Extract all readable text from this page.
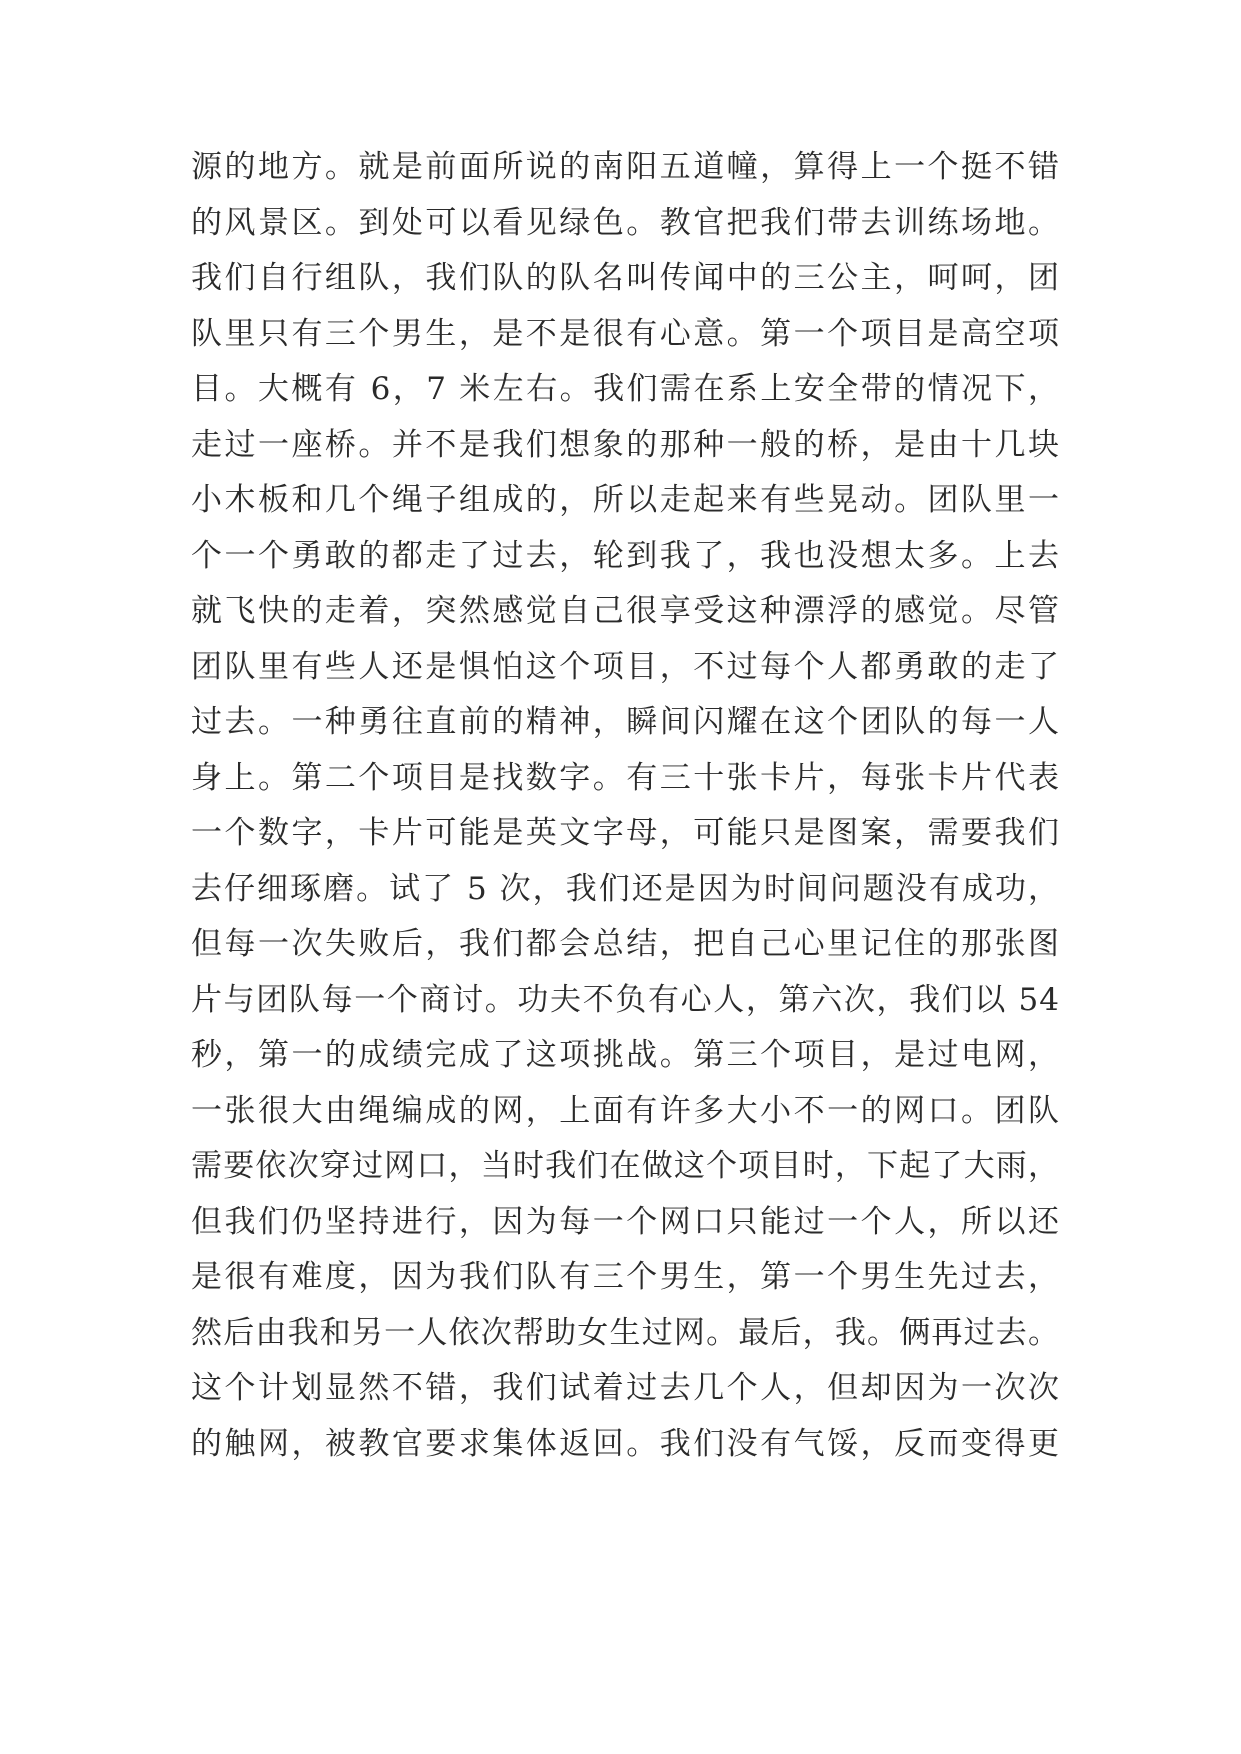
源的地方。就是前面所说的南阳五道幢，算得上一个挺不错
的风景区。到处可以看见绿色。教官把我们带去训练场地。
我们自行组队，我们队的队名叫传闻中的三公主，呵呵，团
队里只有三个男生，是不是很有心意。第一个项目是高空项
目。大概有 6，7 米左右。我们需在系上安全带的情况下，
走过一座桥。并不是我们想象的那种一般的桥，是由十几块
小木板和几个绳子组成的，所以走起来有些晃动。团队里一
个一个勇敢的都走了过去，轮到我了，我也没想太多。上去
就飞快的走着，突然感觉自己很享受这种漂浮的感觉。尽管
团队里有些人还是惧怕这个项目，不过每个人都勇敢的走了
过去。一种勇往直前的精神，瞬间闪耀在这个团队的每一人
身上。第二个项目是找数字。有三十张卡片，每张卡片代表
一个数字，卡片可能是英文字母，可能只是图案，需要我们
去仔细琢磨。试了 5 次，我们还是因为时间问题没有成功，
但每一次失败后，我们都会总结，把自己心里记住的那张图
片与团队每一个商讨。功夫不负有心人，第六次，我们以 54
秒，第一的成绩完成了这项挑战。第三个项目，是过电网，
一张很大由绳编成的网，上面有许多大小不一的网口。团队
需要依次穿过网口，当时我们在做这个项目时，下起了大雨，
但我们仍坚持进行，因为每一个网口只能过一个人，所以还
是很有难度，因为我们队有三个男生，第一个男生先过去，
然后由我和另一人依次帮助女生过网。最后，我。俩再过去。
这个计划显然不错，我们试着过去几个人，但却因为一次次
的触网，被教官要求集体返回。我们没有气馁，反而变得更
